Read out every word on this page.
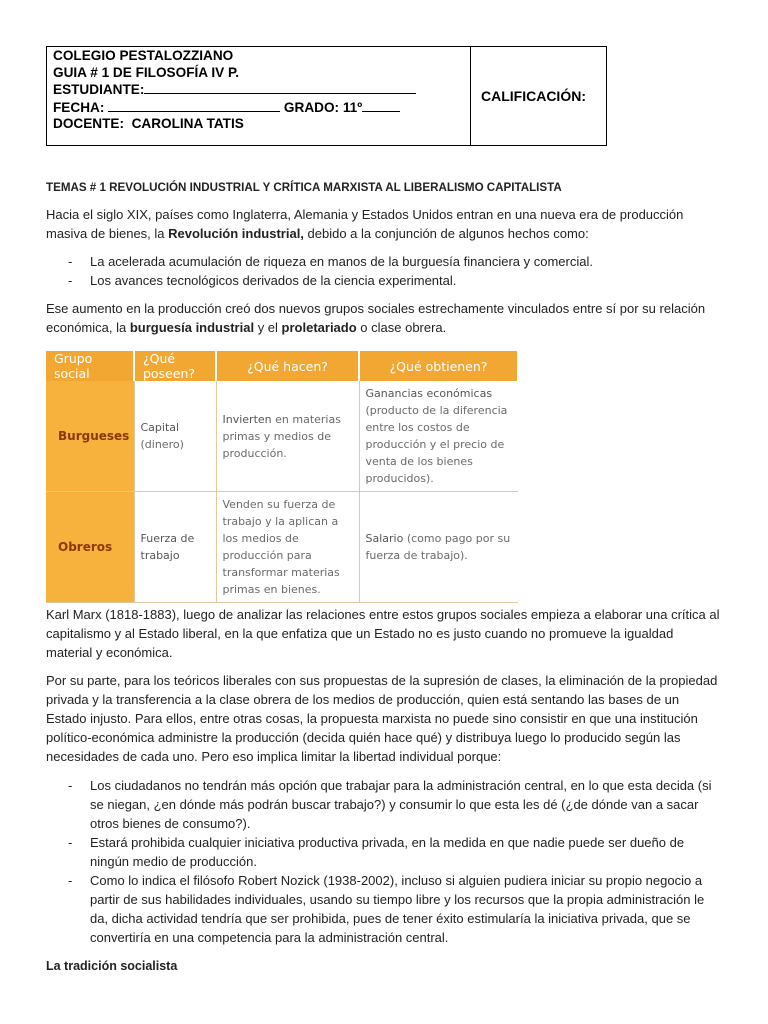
COLEGIO PESTALOZZIANO
GUIA # 1 DE FILOSOFÍA IV P.
ESTUDIANTE:
FECHA:	GRADO: 11º
DOCENTE: CAROLINA TATIS
CALIFICACIÓN:
TEMAS # 1 REVOLUCIÓN INDUSTRIAL Y CRÍTICA MARXISTA AL LIBERALISMO CAPITALISTA
Hacia el siglo XIX, países como Inglaterra, Alemania y Estados Unidos entran en una nueva era de producción masiva de bienes, la Revolución industrial, debido a la conjunción de algunos hechos como:
- La acelerada acumulación de riqueza en manos de la burguesía financiera y comercial.
- Los avances tecnológicos derivados de la ciencia experimental.
Ese aumento en la producción creó dos nuevos grupos sociales estrechamente vinculados entre sí por su relación económica, la burguesía industrial y el proletariado o clase obrera.
Grupo social	¿Qué poseen?	¿Qué hacen?	¿Qué obtienen?
Burgueses	Capital (dinero)	Invierten en materias primas y medios de producción.	Ganancias económicas
(producto de la diferencia entre los costos de producción y el precio de venta de los bienes producidos).

Obreros	Fuerza de trabajo	Venden su fuerza de trabajo y la aplican a los medios de producción para transformar materias primas en bienes.	Salario (como pago por su fuerza de trabajo).
Karl Marx (1818-1883), luego de analizar las relaciones entre estos grupos sociales empieza a elaborar una crítica al capitalismo y al Estado liberal, en la que enfatiza que un Estado no es justo cuando no promueve la igualdad material y económica.
Por su parte, para los teóricos liberales con sus propuestas de la supresión de clases, la eliminación de la propiedad privada y la transferencia a la clase obrera de los medios de producción, quien está sentando las bases de un Estado injusto. Para ellos, entre otras cosas, la propuesta marxista no puede sino consistir en que una institución político-económica administre la producción (decida quién hace qué) y distribuya luego lo producido según las necesidades de cada uno. Pero eso implica limitar la libertad individual porque:
- Los ciudadanos no tendrán más opción que trabajar para la administración central, en lo que esta decida (si se niegan, ¿en dónde más podrán buscar trabajo?) y consumir lo que esta les dé (¿de dónde van a sacar otros bienes de consumo?).
- Estará prohibida cualquier iniciativa productiva privada, en la medida en que nadie puede ser dueño de ningún medio de producción.
- Como lo indica el filósofo Robert Nozick (1938-2002), incluso si alguien pudiera iniciar su propio negocio a partir de sus habilidades individuales, usando su tiempo libre y los recursos que la propia administración le da, dicha actividad tendría que ser prohibida, pues de tener éxito estimularía la iniciativa privada, que se convertiría en una competencia para la administración central.
La tradición socialista
